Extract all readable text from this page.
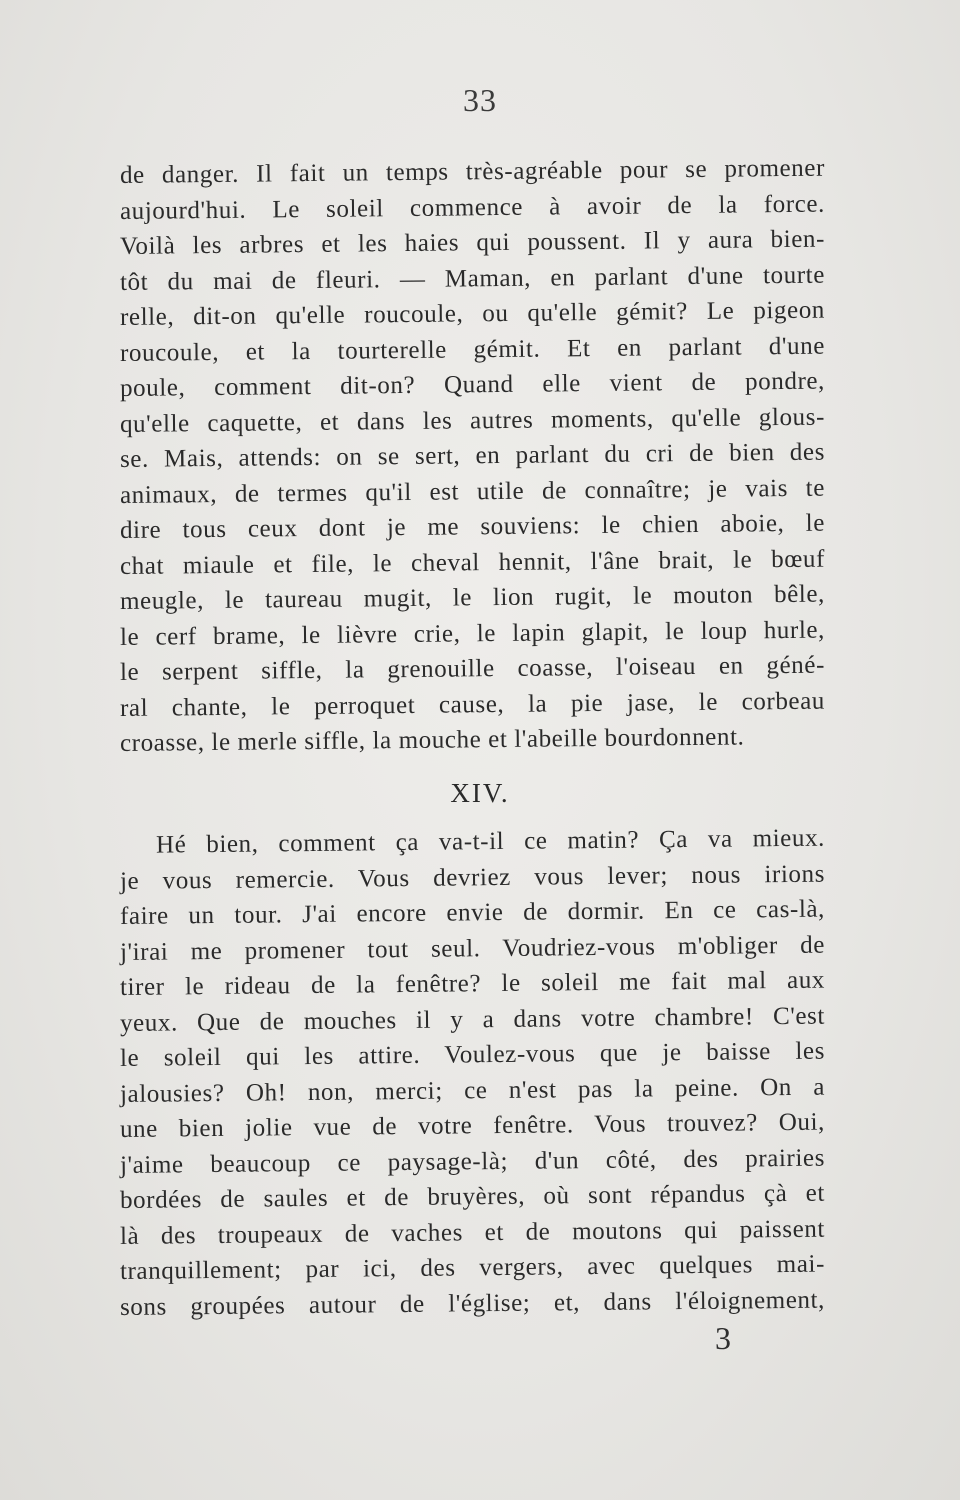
33
de danger. Il fait un temps très-agréable pour se promener
aujourd'hui. Le soleil commence à avoir de la force.
Voilà les arbres et les haies qui poussent. Il y aura bien-
tôt du mai de fleuri. — Maman, en parlant d'une tourte
relle, dit-on qu'elle roucoule, ou qu'elle gémit? Le pigeon
roucoule, et la tourterelle gémit. Et en parlant d'une
poule, comment dit-on? Quand elle vient de pondre,
qu'elle caquette, et dans les autres moments, qu'elle glous-
se. Mais, attends: on se sert, en parlant du cri de bien des
animaux, de termes qu'il est utile de connaître; je vais te
dire tous ceux dont je me souviens: le chien aboie, le
chat miaule et file, le cheval hennit, l'âne brait, le bœuf
meugle, le taureau mugit, le lion rugit, le mouton bêle,
le cerf brame, le lièvre crie, le lapin glapit, le loup hurle,
le serpent siffle, la grenouille coasse, l'oiseau en géné-
ral chante, le perroquet cause, la pie jase, le corbeau
croasse, le merle siffle, la mouche et l'abeille bourdonnent.
XIV.
Hé bien, comment ça va-t-il ce matin? Ça va mieux.
je vous remercie. Vous devriez vous lever; nous irions
faire un tour. J'ai encore envie de dormir. En ce cas-là,
j'irai me promener tout seul. Voudriez-vous m'obliger de
tirer le rideau de la fenêtre? le soleil me fait mal aux
yeux. Que de mouches il y a dans votre chambre! C'est
le soleil qui les attire. Voulez-vous que je baisse les
jalousies? Oh! non, merci; ce n'est pas la peine. On a
une bien jolie vue de votre fenêtre. Vous trouvez? Oui,
j'aime beaucoup ce paysage-là; d'un côté, des prairies
bordées de saules et de bruyères, où sont répandus çà et
là des troupeaux de vaches et de moutons qui paissent
tranquillement; par ici, des vergers, avec quelques mai-
sons groupées autour de l'église; et, dans l'éloignement,
3
